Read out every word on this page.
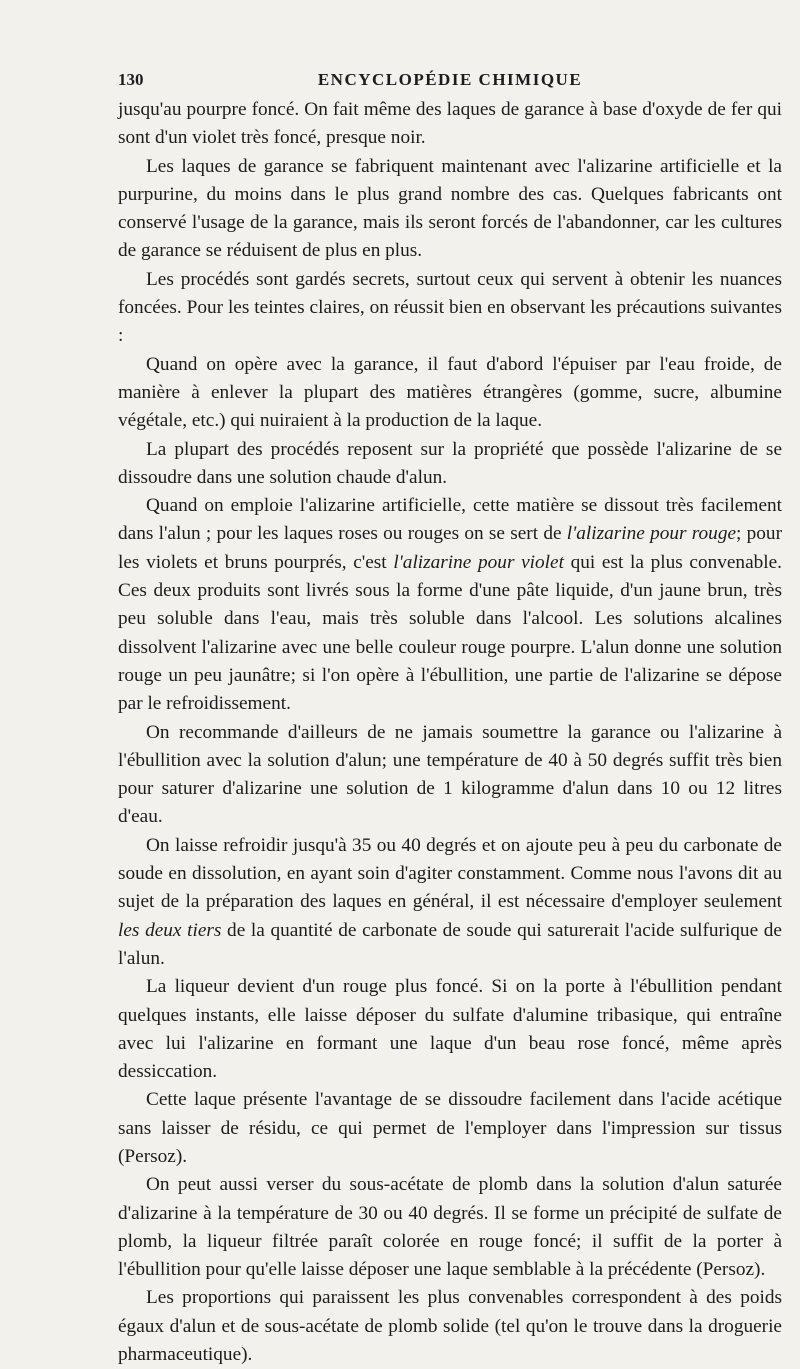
130	ENCYCLOPÉDIE CHIMIQUE

jusqu'au pourpre foncé. On fait même des laques de garance à base d'oxyde de fer qui sont d'un violet très foncé, presque noir.

Les laques de garance se fabriquent maintenant avec l'alizarine artificielle et la purpurine, du moins dans le plus grand nombre des cas. Quelques fabricants ont conservé l'usage de la garance, mais ils seront forcés de l'abandonner, car les cultures de garance se réduisent de plus en plus.

Les procédés sont gardés secrets, surtout ceux qui servent à obtenir les nuances foncées. Pour les teintes claires, on réussit bien en observant les précautions suivantes :

Quand on opère avec la garance, il faut d'abord l'épuiser par l'eau froide, de manière à enlever la plupart des matières étrangères (gomme, sucre, albumine végétale, etc.) qui nuiraient à la production de la laque.

La plupart des procédés reposent sur la propriété que possède l'alizarine de se dissoudre dans une solution chaude d'alun.

Quand on emploie l'alizarine artificielle, cette matière se dissout très facilement dans l'alun ; pour les laques roses ou rouges on se sert de l'alizarine pour rouge; pour les violets et bruns pourprés, c'est l'alizarine pour violet qui est la plus convenable. Ces deux produits sont livrés sous la forme d'une pâte liquide, d'un jaune brun, très peu soluble dans l'eau, mais très soluble dans l'alcool. Les solutions alcalines dissolvent l'alizarine avec une belle couleur rouge pourpre. L'alun donne une solution rouge un peu jaunâtre; si l'on opère à l'ébullition, une partie de l'alizarine se dépose par le refroidissement.

On recommande d'ailleurs de ne jamais soumettre la garance ou l'alizarine à l'ébullition avec la solution d'alun; une température de 40 à 50 degrés suffit très bien pour saturer d'alizarine une solution de 1 kilogramme d'alun dans 10 ou 12 litres d'eau.

On laisse refroidir jusqu'à 35 ou 40 degrés et on ajoute peu à peu du carbonate de soude en dissolution, en ayant soin d'agiter constamment. Comme nous l'avons dit au sujet de la préparation des laques en général, il est nécessaire d'employer seulement les deux tiers de la quantité de carbonate de soude qui saturerait l'acide sulfurique de l'alun.

La liqueur devient d'un rouge plus foncé. Si on la porte à l'ébullition pendant quelques instants, elle laisse déposer du sulfate d'alumine tribasique, qui entraîne avec lui l'alizarine en formant une laque d'un beau rose foncé, même après dessiccation.

Cette laque présente l'avantage de se dissoudre facilement dans l'acide acétique sans laisser de résidu, ce qui permet de l'employer dans l'impression sur tissus (Persoz).

On peut aussi verser du sous-acétate de plomb dans la solution d'alun saturée d'alizarine à la température de 30 ou 40 degrés. Il se forme un précipité de sulfate de plomb, la liqueur filtrée paraît colorée en rouge foncé; il suffit de la porter à l'ébullition pour qu'elle laisse déposer une laque semblable à la précédente (Persoz).

Les proportions qui paraissent les plus convenables correspondent à des poids égaux d'alun et de sous-acétate de plomb solide (tel qu'on le trouve dans la droguerie pharmaceutique).
